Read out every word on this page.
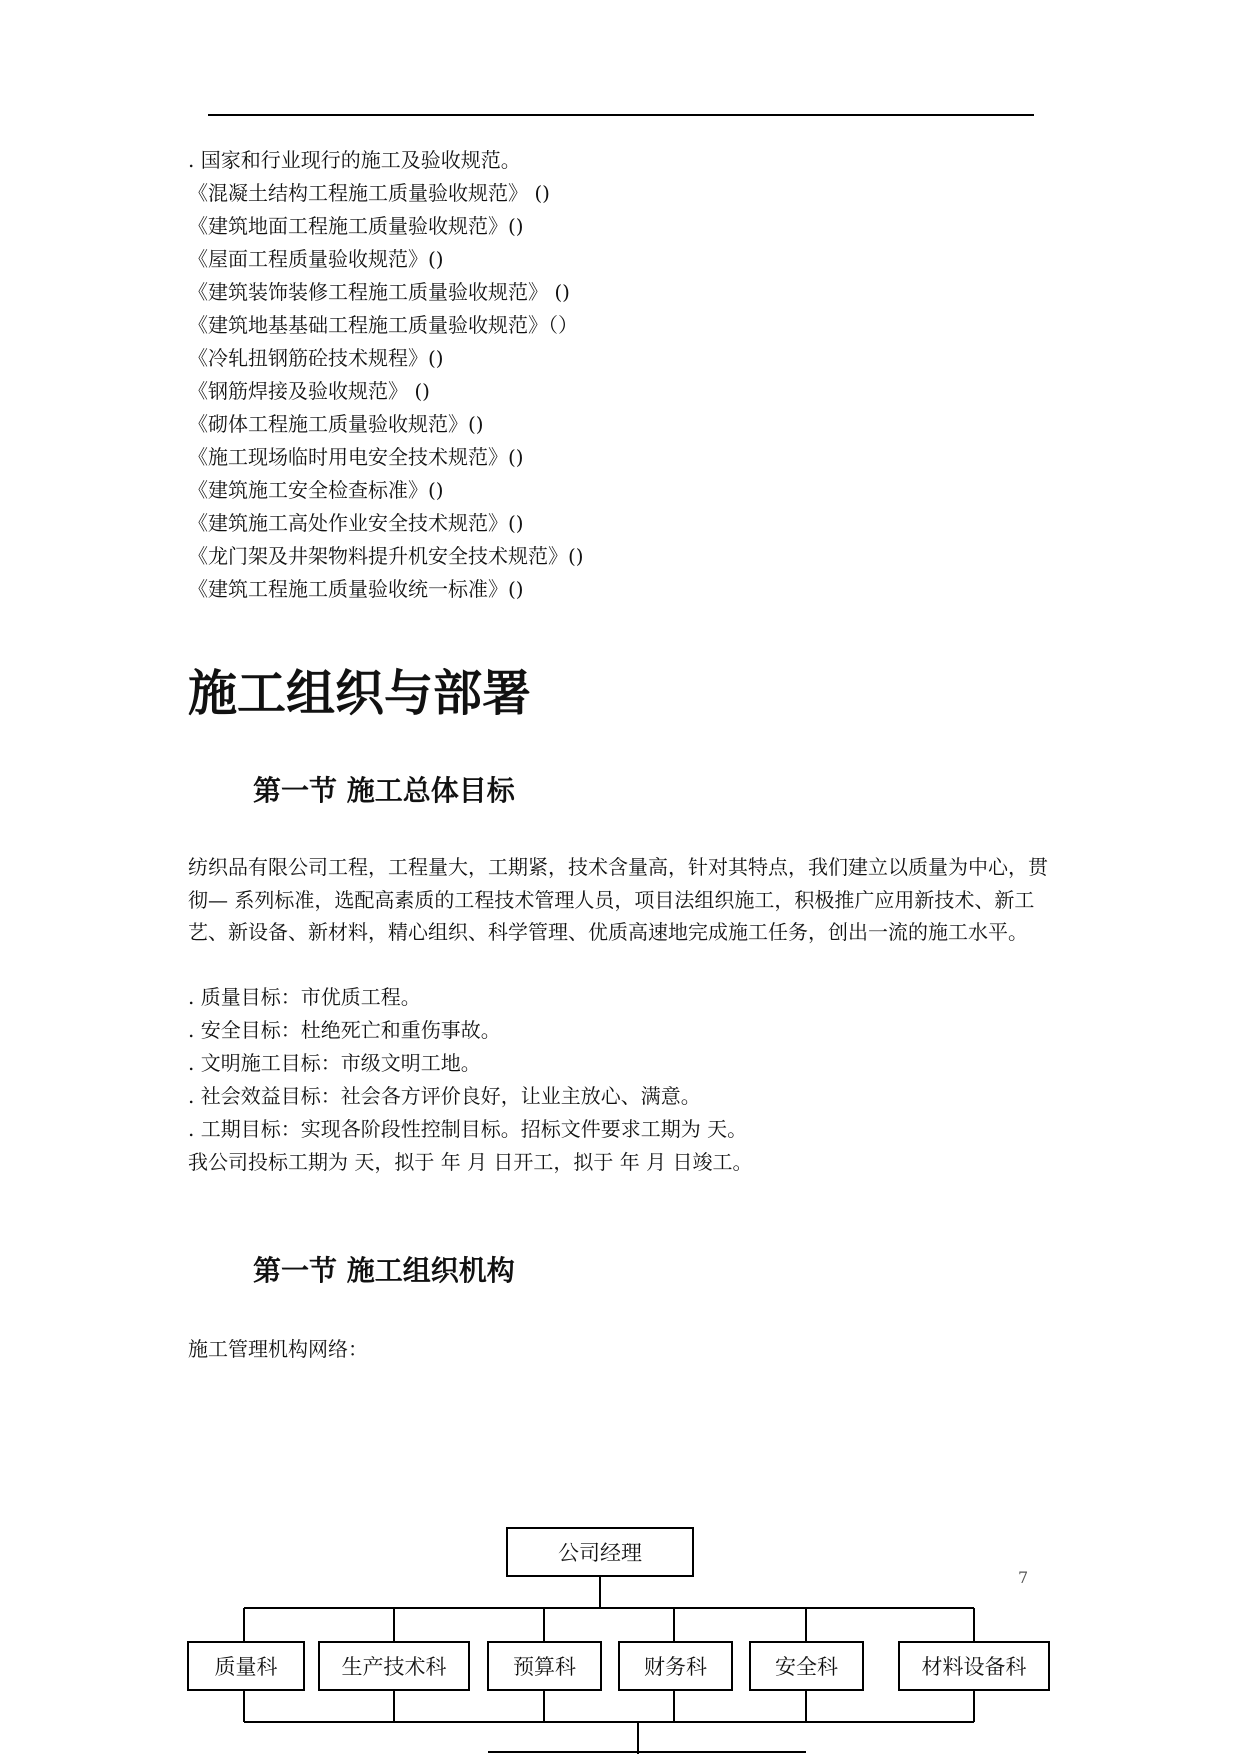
. 国家和行业现行的施工及验收规范。
《混凝土结构工程施工质量验收规范》 ()
《建筑地面工程施工质量验收规范》()
《屋面工程质量验收规范》()
《建筑装饰装修工程施工质量验收规范》 ()
《建筑地基基础工程施工质量验收规范》（）
《冷轧扭钢筋砼技术规程》()
《钢筋焊接及验收规范》 ()
《砌体工程施工质量验收规范》()
《施工现场临时用电安全技术规范》()
《建筑施工安全检查标准》()
《建筑施工高处作业安全技术规范》()
《龙门架及井架物料提升机安全技术规范》()
《建筑工程施工质量验收统一标准》()
施工组织与部署
第一节 施工总体目标
纺织品有限公司工程，工程量大，工期紧，技术含量高，针对其特点，我们建立以质量为中心，贯彻— 系列标准，选配高素质的工程技术管理人员，项目法组织施工，积极推广应用新技术、新工艺、新设备、新材料，精心组织、科学管理、优质高速地完成施工任务，创出一流的施工水平。
. 质量目标：市优质工程。
. 安全目标：杜绝死亡和重伤事故。
. 文明施工目标：市级文明工地。
. 社会效益目标：社会各方评价良好，让业主放心、满意。
. 工期目标：实现各阶段性控制目标。招标文件要求工期为 天。
我公司投标工期为 天，拟于 年 月 日开工，拟于 年 月 日竣工。
第一节 施工组织机构
施工管理机构网络：
公司经理
质量科	生产技术科	预算科	财务科	安全科	材料设备科
7
